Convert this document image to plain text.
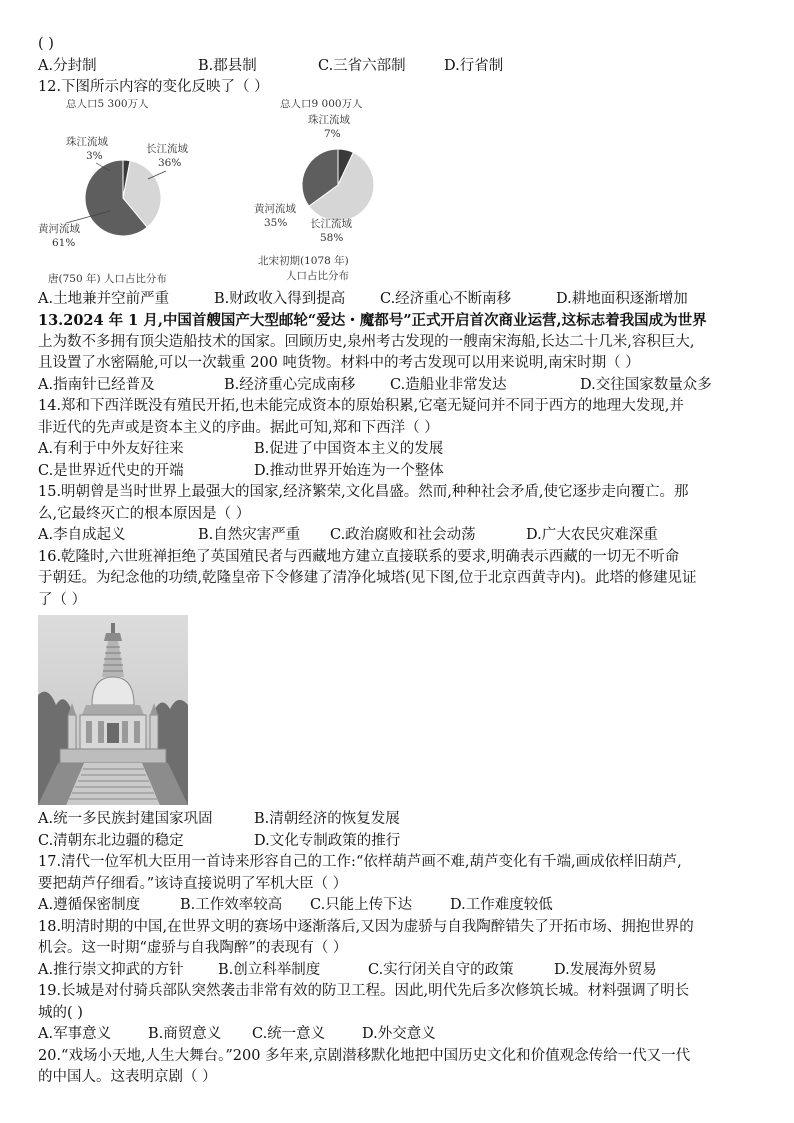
( )
A.分封制	B.郡县制	C.三省六部制	D.行省制
12.下图所示内容的变化反映了（ ）
总人口5 300万人
珠江流域
3%
长江流域
36%
黄河流域
61%
唐(750 年) 人口占比分布
总人口9 000万人
珠江流域
7%
黄河流域
35% 长江流域
58%
北宋初期(1078 年)
人口占比分布
A.土地兼并空前严重	B.财政收入得到提高	C.经济重心不断南移	D.耕地面积逐渐增加
13.2024 年 1 月,中国首艘国产大型邮轮“爱达・魔都号”正式开启首次商业运营,这标志着我国成为世界
上为数不多拥有顶尖造船技术的国家。回顾历史,泉州考古发现的一艘南宋海船,长达二十几米,容积巨大,
且设置了水密隔舱,可以一次载重 200 吨货物。材料中的考古发现可以用来说明,南宋时期（ ）
A.指南针已经普及	B.经济重心完成南移	C.造船业非常发达	D.交往国家数量众多
14.郑和下西洋既没有殖民开拓,也未能完成资本的原始积累,它毫无疑问并不同于西方的地理大发现,并
非近代的先声或是资本主义的序曲。据此可知,郑和下西洋（ ）
A.有利于中外友好往来	B.促进了中国资本主义的发展
C.是世界近代史的开端	D.推动世界开始连为一个整体
15.明朝曾是当时世界上最强大的国家,经济繁荣,文化昌盛。然而,种种社会矛盾,使它逐步走向覆亡。那
么,它最终灭亡的根本原因是（ ）
A.李自成起义	B.自然灾害严重	C.政治腐败和社会动荡	D.广大农民灾难深重
16.乾隆时,六世班禅拒绝了英国殖民者与西藏地方建立直接联系的要求,明确表示西藏的一切无不听命
于朝廷。为纪念他的功绩,乾隆皇帝下令修建了清净化城塔(见下图,位于北京西黄寺内)。此塔的修建见证
了（ ）
A.统一多民族封建国家巩固	B.清朝经济的恢复发展
C.清朝东北边疆的稳定	D.文化专制政策的推行
17.清代一位军机大臣用一首诗来形容自己的工作:“依样葫芦画不难,葫芦变化有千端,画成依样旧葫芦,
要把葫芦仔细看。”该诗直接说明了军机大臣（ ）
A.遵循保密制度	B.工作效率较高	C.只能上传下达	D.工作难度较低
18.明清时期的中国,在世界文明的赛场中逐渐落后,又因为虚骄与自我陶醉错失了开拓市场、拥抱世界的
机会。这一时期“虚骄与自我陶醉”的表现有（ ）
A.推行崇文抑武的方针	B.创立科举制度	C.实行闭关自守的政策	D.发展海外贸易
19.长城是对付骑兵部队突然袭击非常有效的防卫工程。因此,明代先后多次修筑长城。材料强调了明长
城的( )
A.军事意义	B.商贸意义	C.统一意义	D.外交意义
20.“戏场小天地,人生大舞台。”200 多年来,京剧潜移默化地把中国历史文化和价值观念传给一代又一代
的中国人。这表明京剧（ ）
